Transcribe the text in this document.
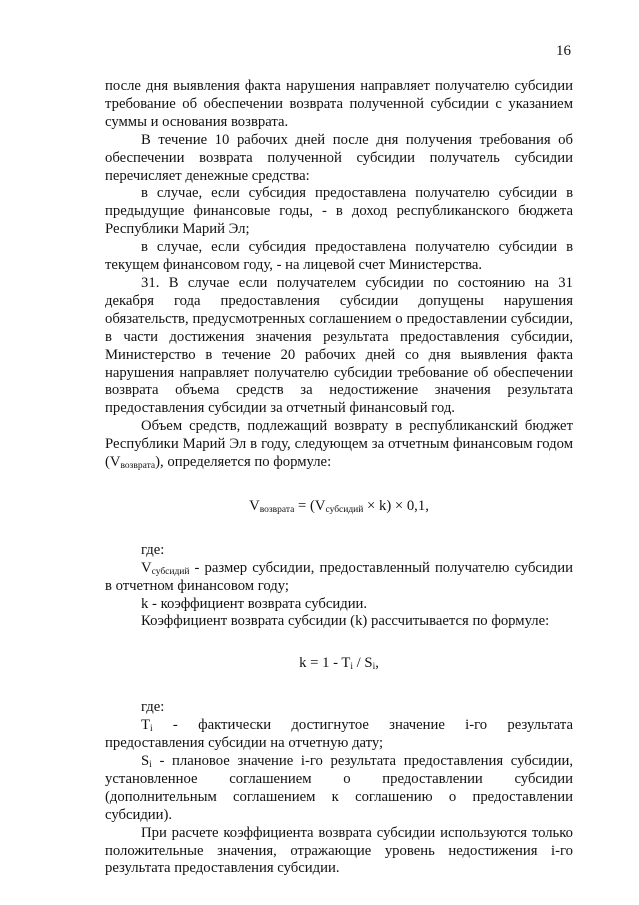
16

после дня выявления факта нарушения направляет получателю субсидии требование об обеспечении возврата полученной субсидии с указанием суммы и основания возврата.

В течение 10 рабочих дней после дня получения требования об обеспечении возврата полученной субсидии получатель субсидии перечисляет денежные средства:

в случае, если субсидия предоставлена получателю субсидии в предыдущие финансовые годы, - в доход республиканского бюджета Республики Марий Эл;

в случае, если субсидия предоставлена получателю субсидии в текущем финансовом году, - на лицевой счет Министерства.

31. В случае если получателем субсидии по состоянию на 31 декабря года предоставления субсидии допущены нарушения обязательств, предусмотренных соглашением о предоставлении субсидии, в части достижения значения результата предоставления субсидии, Министерство в течение 20 рабочих дней со дня выявления факта нарушения направляет получателю субсидии требование об обеспечении возврата объема средств за недостижение значения результата предоставления субсидии за отчетный финансовый год.

Объем средств, подлежащий возврату в республиканский бюджет Республики Марий Эл в году, следующем за отчетным финансовым годом $(V_{возврата})$, определяется по формуле:

$V_{возврата} = (V_{субсидий} \times k) \times 0,1$,

где:

$V_{субсидий}$ - размер субсидии, предоставленный получателю субсидии в отчетном финансовом году;

k - коэффициент возврата субсидии.

Коэффициент возврата субсидии (k) рассчитывается по формуле:

$k = 1 - T_i / S_i$,

где:

$T_i$ - фактически достигнутое значение i-го результата предоставления субсидии на отчетную дату;

$S_i$ - плановое значение i-го результата предоставления субсидии, установленное соглашением о предоставлении субсидии (дополнительным соглашением к соглашению о предоставлении субсидии).

При расчете коэффициента возврата субсидии используются только положительные значения, отражающие уровень недостижения i-го результата предоставления субсидии.
